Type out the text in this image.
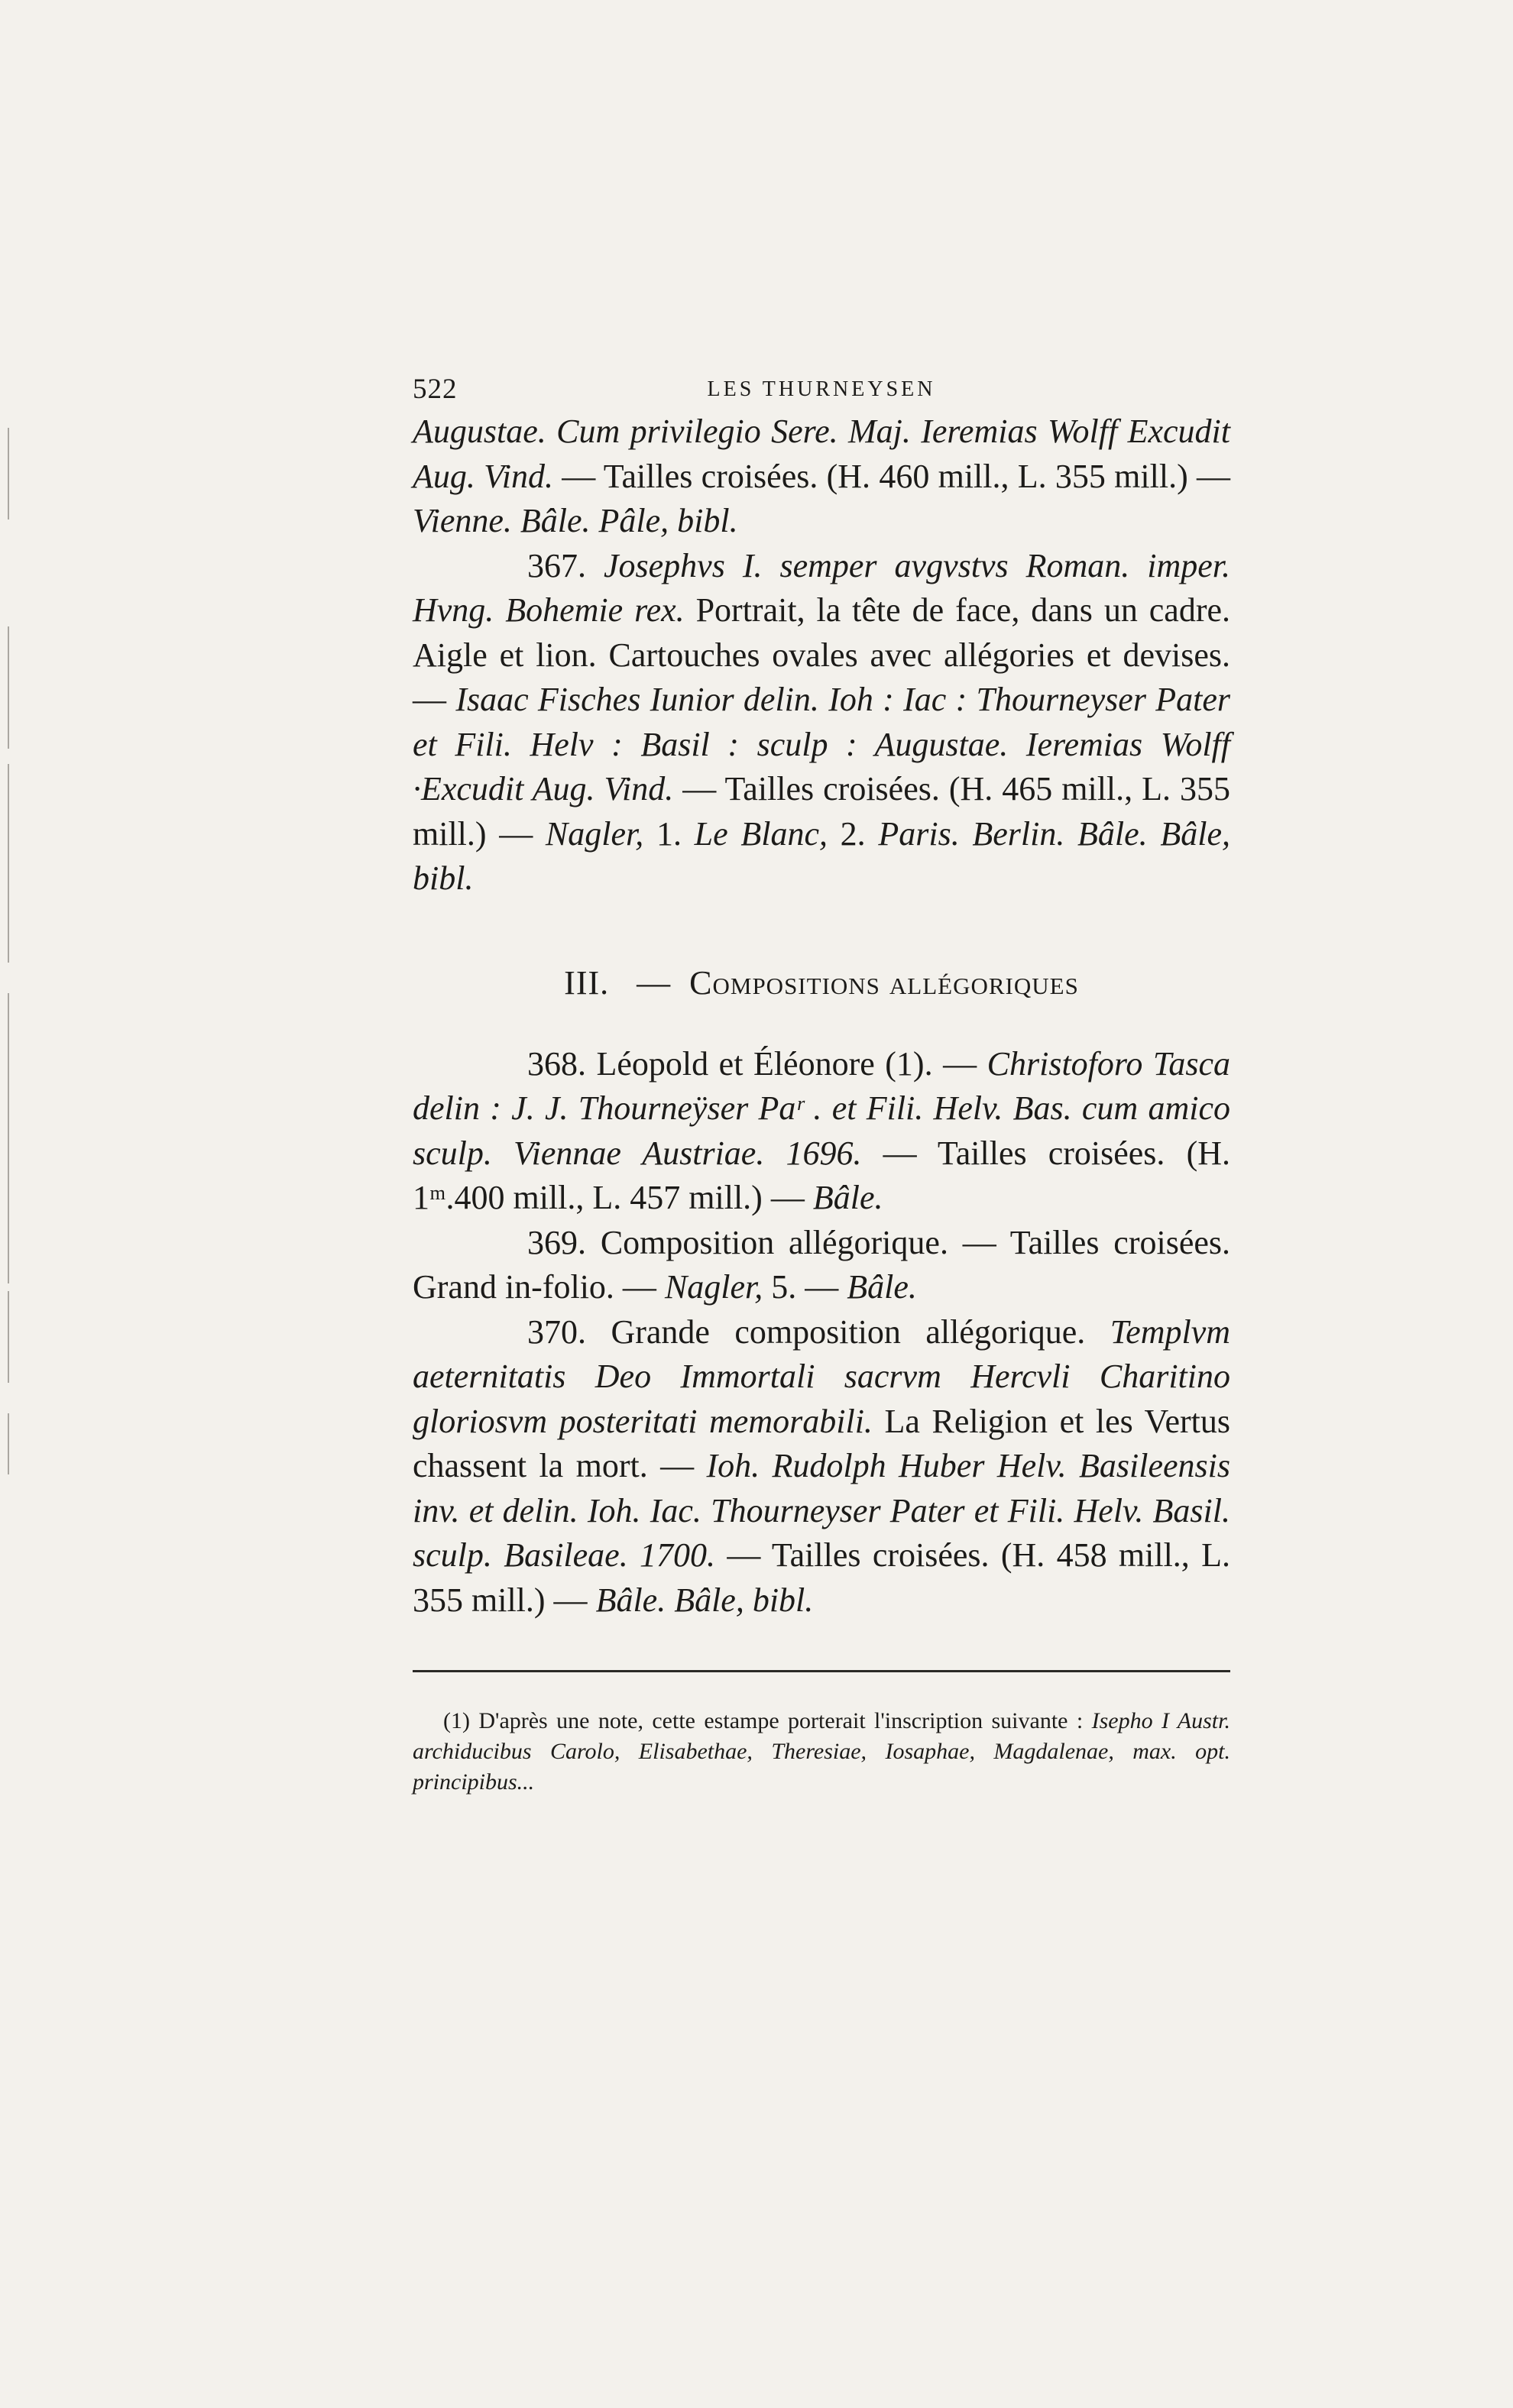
522	LES THURNEYSEN

Augustae. Cum privilegio Sere. Maj. Ieremias Wolff Excudit Aug. Vind. — Tailles croisées. (H. 460 mill., L. 355 mill.) — Vienne. Bâle. Pâle, bibl.

367. Josephvs I. semper avgvstvs Roman. imper. Hvng. Bohemie rex. Portrait, la tête de face, dans un cadre. Aigle et lion. Cartouches ovales avec allégories et devises. — Isaac Fisches Iunior delin. Ioh : Iac : Thourneyser Pater et Fili. Helv : Basil : sculp : Augustae. Ieremias Wolff ·Excudit Aug. Vind. — Tailles croisées. (H. 465 mill., L. 355 mill.) — Nagler, 1. Le Blanc, 2. Paris. Berlin. Bâle. Bâle, bibl.

III. — Compositions allégoriques

368. Léopold et Éléonore (1). — Christoforo Tasca delin : J. J. Thourneÿser Paʳ . et Fili. Helv. Bas. cum amico sculp. Viennae Austriae. 1696. — Tailles croisées. (H. 1ᵐ.400 mill., L. 457 mill.) — Bâle.

369. Composition allégorique. — Tailles croisées. Grand in-folio. — Nagler, 5. — Bâle.

370. Grande composition allégorique. Templvm aeternitatis Deo Immortali sacrvm Hercvli Charitino gloriosvm posteritati memorabili. La Religion et les Vertus chassent la mort. — Ioh. Rudolph Huber Helv. Basileensis inv. et delin. Ioh. Iac. Thourneyser Pater et Fili. Helv. Basil. sculp. Basileae. 1700. — Tailles croisées. (H. 458 mill., L. 355 mill.) — Bâle. Bâle, bibl.

(1) D'après une note, cette estampe porterait l'inscription suivante : Isepho I Austr. archiducibus Carolo, Elisabethae, Theresiae, Iosaphae, Magdalenae, max. opt. principibus...
